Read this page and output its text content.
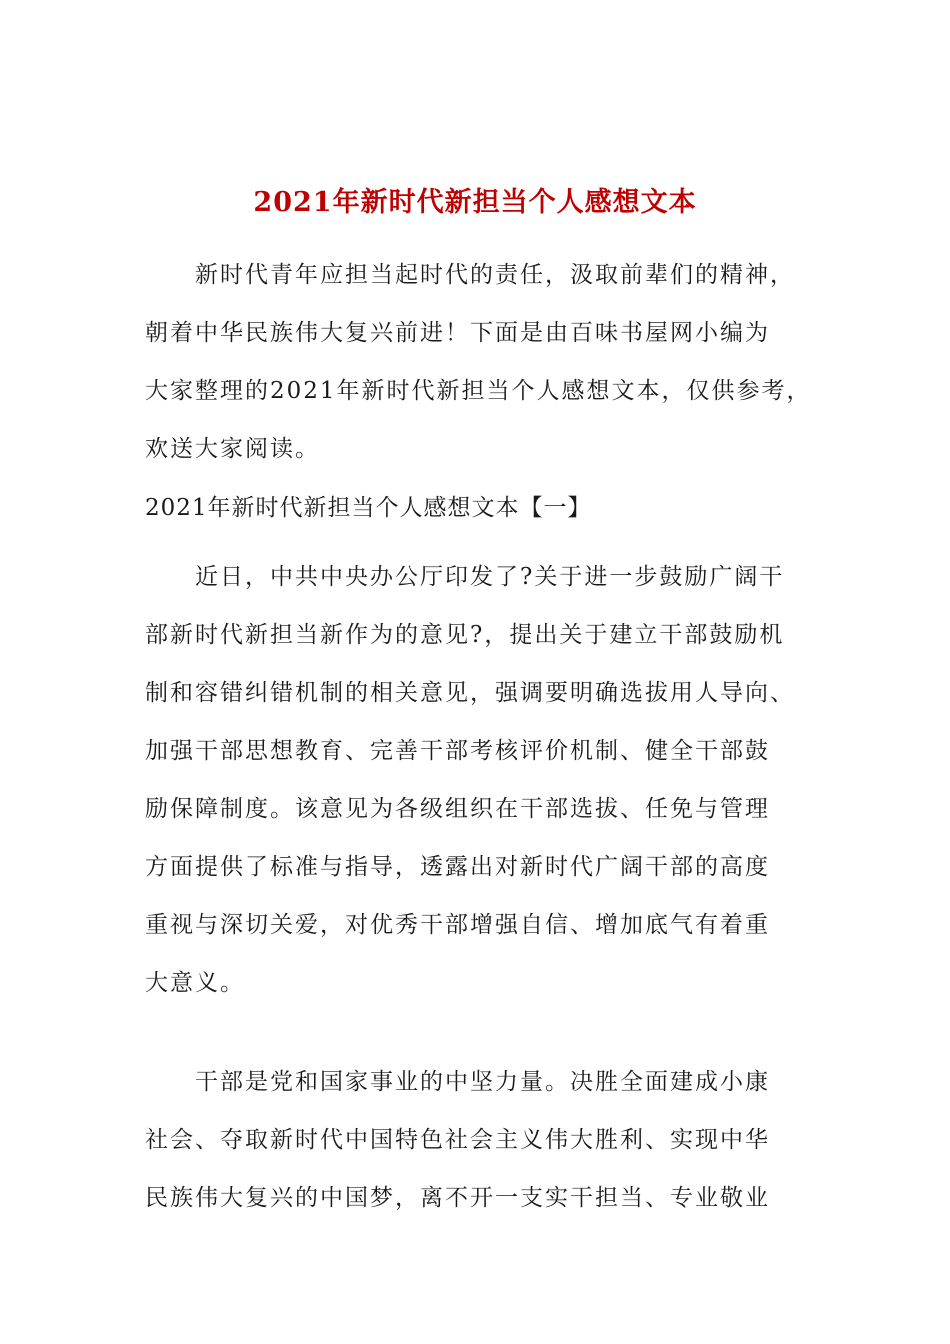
2021年新时代新担当个人感想文本
新时代青年应担当起时代的责任，汲取前辈们的精神，
朝着中华民族伟大复兴前进！下面是由百味书屋网小编为
大家整理的2021年新时代新担当个人感想文本，仅供参考，
欢送大家阅读。
2021年新时代新担当个人感想文本【一】
近日，中共中央办公厅印发了?关于进一步鼓励广阔干
部新时代新担当新作为的意见?，提出关于建立干部鼓励机
制和容错纠错机制的相关意见，强调要明确选拔用人导向、
加强干部思想教育、完善干部考核评价机制、健全干部鼓
励保障制度。该意见为各级组织在干部选拔、任免与管理
方面提供了标准与指导，透露出对新时代广阔干部的高度
重视与深切关爱，对优秀干部增强自信、增加底气有着重
大意义。
干部是党和国家事业的中坚力量。决胜全面建成小康
社会、夺取新时代中国特色社会主义伟大胜利、实现中华
民族伟大复兴的中国梦，离不开一支实干担当、专业敬业
